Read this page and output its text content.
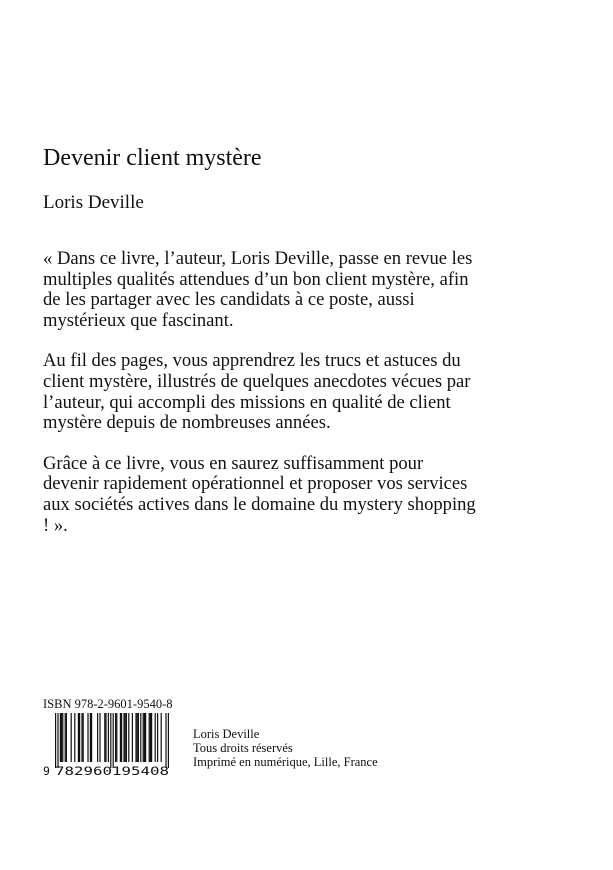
Devenir client mystère
Loris Deville

« Dans ce livre, l’auteur, Loris Deville, passe en revue les multiples qualités attendues d’un bon client mystère, afin de les partager avec les candidats à ce poste, aussi mystérieux que fascinant.

Au fil des pages, vous apprendrez les trucs et astuces du client mystère, illustrés de quelques anecdotes vécues par l’auteur, qui accompli des missions en qualité de client mystère depuis de nombreuses années.

Grâce à ce livre, vous en saurez suffisamment pour devenir rapidement opérationnel et proposer vos services aux sociétés actives dans le domaine du mystery shopping ! ».

ISBN 978-2-9601-9540-8
9 782960195408
Loris Deville
Tous droits réservés
Imprimé en numérique, Lille, France
